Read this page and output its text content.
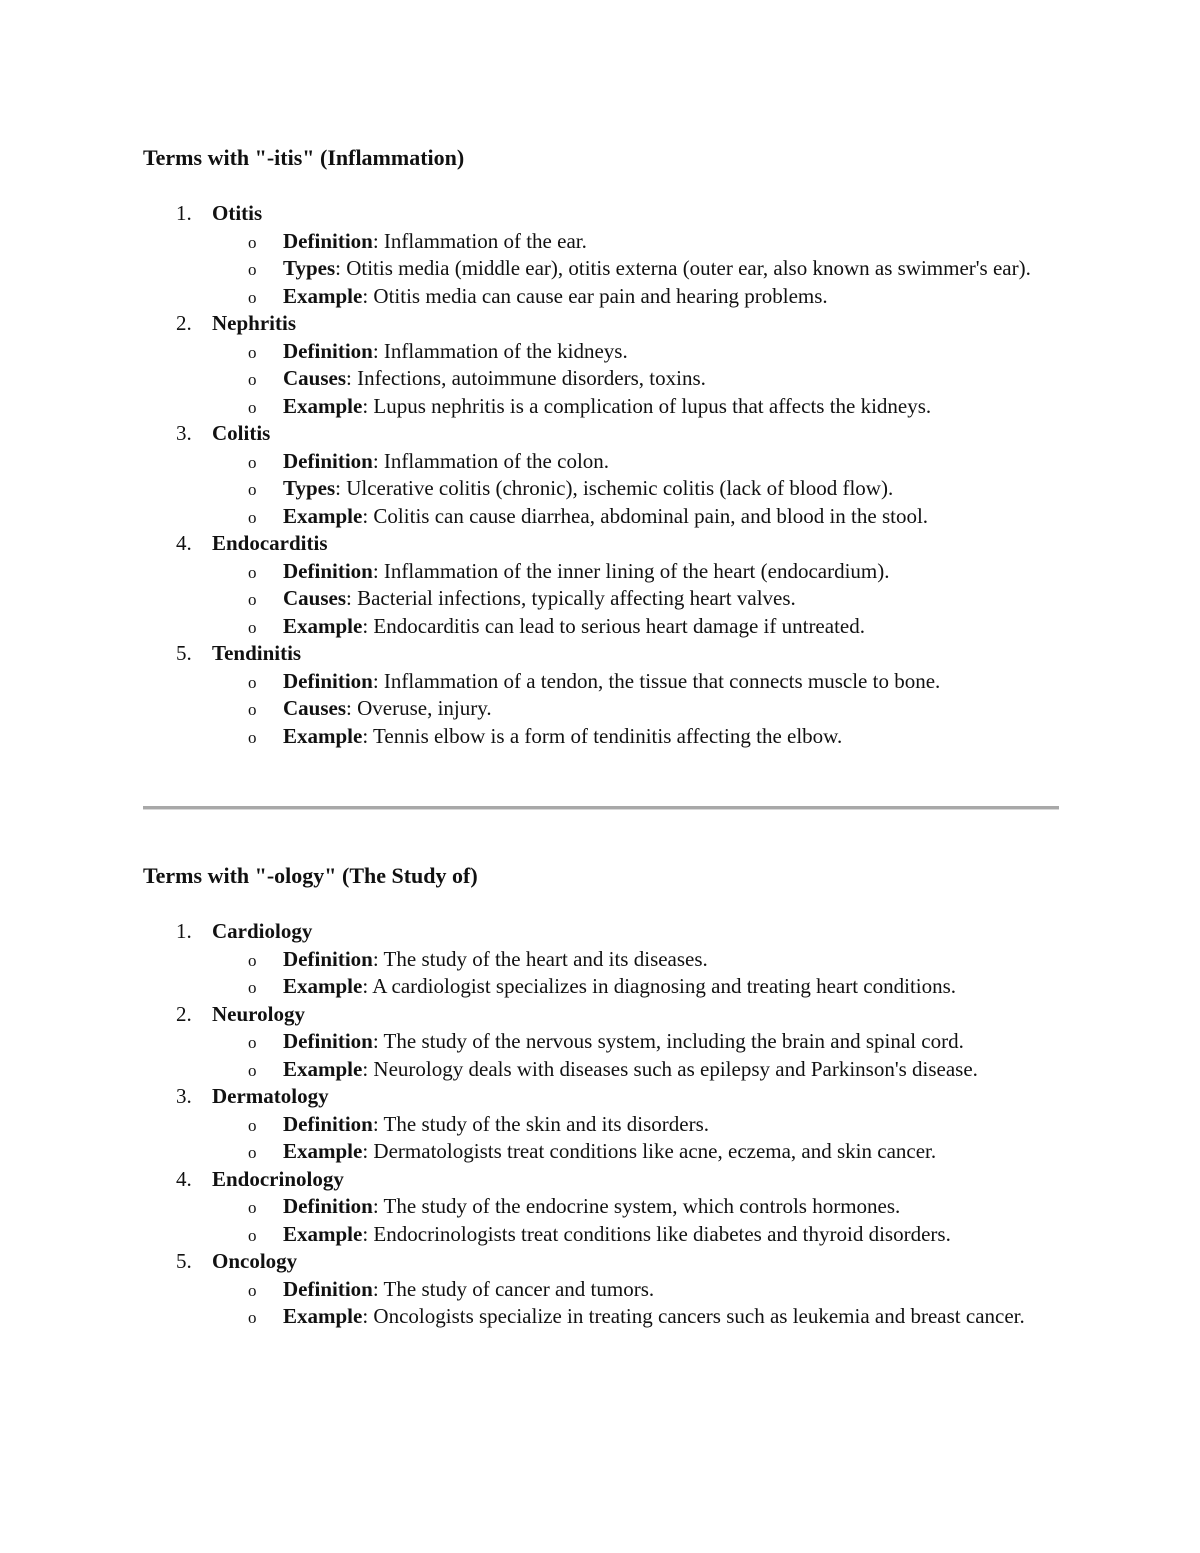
Terms with "-itis" (Inflammation)
1. Otitis
o Definition: Inflammation of the ear.
o Types: Otitis media (middle ear), otitis externa (outer ear, also known as swimmer's ear).
o Example: Otitis media can cause ear pain and hearing problems.
2. Nephritis
o Definition: Inflammation of the kidneys.
o Causes: Infections, autoimmune disorders, toxins.
o Example: Lupus nephritis is a complication of lupus that affects the kidneys.
3. Colitis
o Definition: Inflammation of the colon.
o Types: Ulcerative colitis (chronic), ischemic colitis (lack of blood flow).
o Example: Colitis can cause diarrhea, abdominal pain, and blood in the stool.
4. Endocarditis
o Definition: Inflammation of the inner lining of the heart (endocardium).
o Causes: Bacterial infections, typically affecting heart valves.
o Example: Endocarditis can lead to serious heart damage if untreated.
5. Tendinitis
o Definition: Inflammation of a tendon, the tissue that connects muscle to bone.
o Causes: Overuse, injury.
o Example: Tennis elbow is a form of tendinitis affecting the elbow.
Terms with "-ology" (The Study of)
1. Cardiology
o Definition: The study of the heart and its diseases.
o Example: A cardiologist specializes in diagnosing and treating heart conditions.
2. Neurology
o Definition: The study of the nervous system, including the brain and spinal cord.
o Example: Neurology deals with diseases such as epilepsy and Parkinson's disease.
3. Dermatology
o Definition: The study of the skin and its disorders.
o Example: Dermatologists treat conditions like acne, eczema, and skin cancer.
4. Endocrinology
o Definition: The study of the endocrine system, which controls hormones.
o Example: Endocrinologists treat conditions like diabetes and thyroid disorders.
5. Oncology
o Definition: The study of cancer and tumors.
o Example: Oncologists specialize in treating cancers such as leukemia and breast cancer.
